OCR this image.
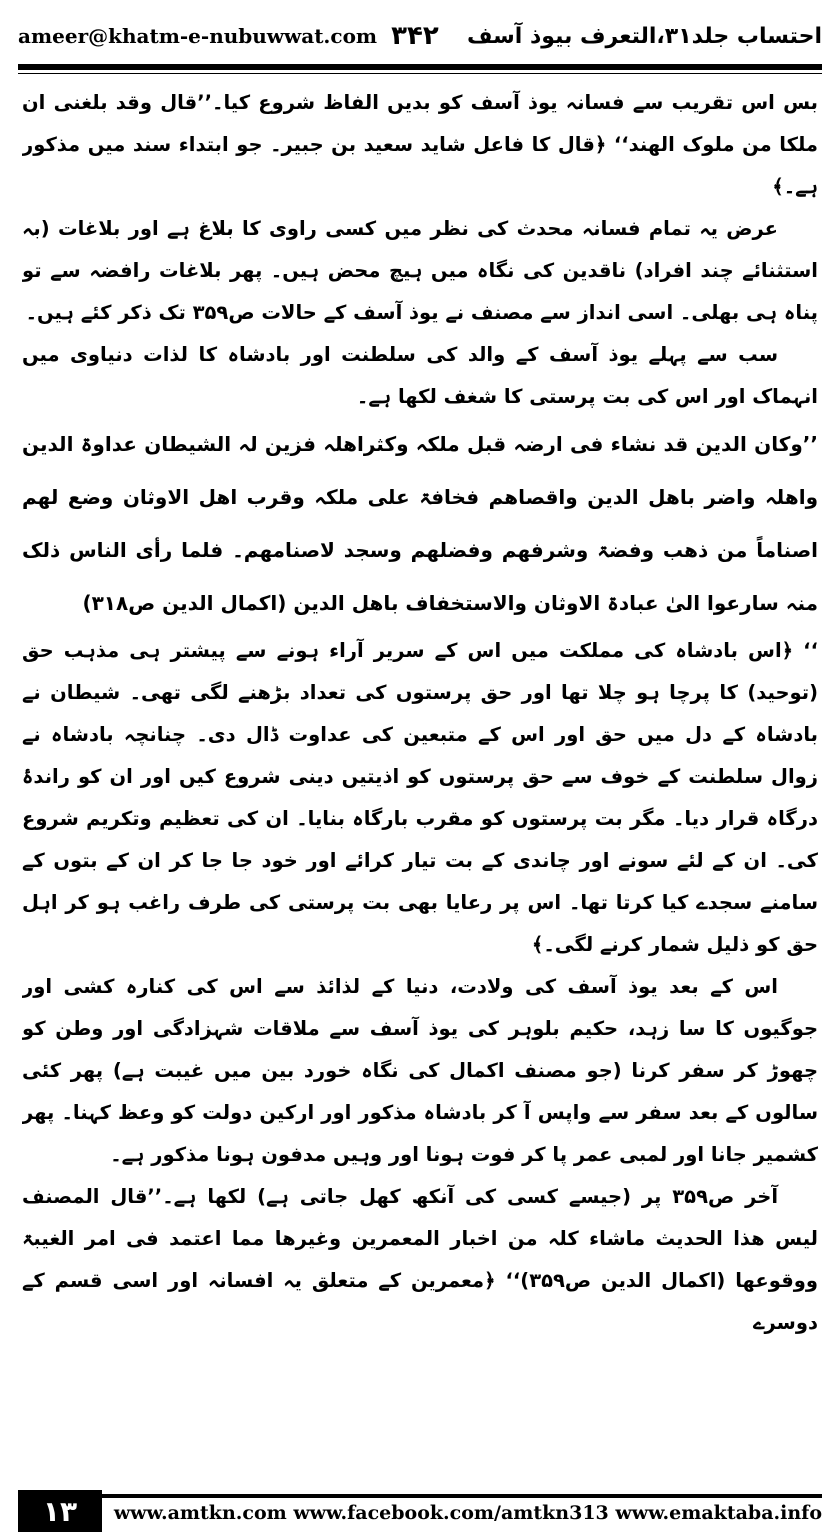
ameer@khatm-e-nubuwwat.com ۳۴۲ احتساب جلد۳۱،التعرف بیوذ آسف

بس اس تقریب سے فسانہ یوذ آسف کو بدیں الفاظ شروع کیا۔’’قال وقد بلغنی ان ملکا من ملوک الھند‘‘ ﴿قال کا فاعل شاید سعید بن جبیر۔ جو ابتداء سند میں مذکور ہے۔﴾

عرض یہ تمام فسانہ محدث کی نظر میں کسی راوی کا بلاغ ہے اور بلاغات (بہ استثنائے چند افراد) ناقدین کی نگاہ میں ہیچ محض ہیں۔ پھر بلاغات رافضہ سے تو پناہ ہی بھلی۔ اسی انداز سے مصنف نے یوذ آسف کے حالات ص۳۵۹ تک ذکر کئے ہیں۔

سب سے پہلے یوذ آسف کے والد کی سلطنت اور بادشاہ کا لذات دنیاوی میں انہماک اور اس کی بت پرستی کا شغف لکھا ہے۔

’’وکان الدین قد نشاء فی ارضہ قبل ملکہ وکثراھلہ فزین لہ الشیطان عداوۃ الدین واھلہ واضر باھل الدین واقصاھم فخافۃ علی ملکہ وقرب اھل الاوثان وضع لھم اصناماً من ذھب وفضۃ وشرفھم وفضلھم وسجد لاصنامھم۔ فلما رأی الناس ذلک منہ سارعوا الیٰ عبادۃ الاوثان والاستخفاف باھل الدین (اکمال الدین ص۳۱۸)

‘‘ ﴿اس بادشاہ کی مملکت میں اس کے سریر آراء ہونے سے پیشتر ہی مذہب حق (توحید) کا پرچا ہو چلا تھا اور حق پرستوں کی تعداد بڑھنے لگی تھی۔ شیطان نے بادشاہ کے دل میں حق اور اس کے متبعین کی عداوت ڈال دی۔ چنانچہ بادشاہ نے زوال سلطنت کے خوف سے حق پرستوں کو اذیتیں دینی شروع کیں اور ان کو راندۂ درگاہ قرار دیا۔ مگر بت پرستوں کو مقرب بارگاہ بنایا۔ ان کی تعظیم وتکریم شروع کی۔ ان کے لئے سونے اور چاندی کے بت تیار کرائے اور خود جا جا کر ان کے بتوں کے سامنے سجدے کیا کرتا تھا۔ اس پر رعایا بھی بت پرستی کی طرف راغب ہو کر اہل حق کو ذلیل شمار کرنے لگی۔﴾

اس کے بعد یوذ آسف کی ولادت، دنیا کے لذائذ سے اس کی کنارہ کشی اور جوگیوں کا سا زہد، حکیم بلوہر کی یوذ آسف سے ملاقات شہزادگی اور وطن کو چھوڑ کر سفر کرنا (جو مصنف اکمال کی نگاہ خورد بین میں غیبت ہے) پھر کئی سالوں کے بعد سفر سے واپس آ کر بادشاہ مذکور اور ارکین دولت کو وعظ کہنا۔ پھر کشمیر جانا اور لمبی عمر پا کر فوت ہونا اور وہیں مدفون ہونا مذکور ہے۔

آخر ص۳۵۹ پر (جیسے کسی کی آنکھ کھل جاتی ہے) لکھا ہے۔’’قال المصنف لیس ھذا الحدیث ماشاء کلہ من اخبار المعمرین وغیرھا مما اعتمد فی امر الغیبۃ ووقوعھا (اکمال الدین ص۳۵۹)‘‘ ﴿معمرین کے متعلق یہ افسانہ اور اسی قسم کے دوسرے

۱۳	www.amtkn.com www.facebook.com/amtkn313 www.emaktaba.info
